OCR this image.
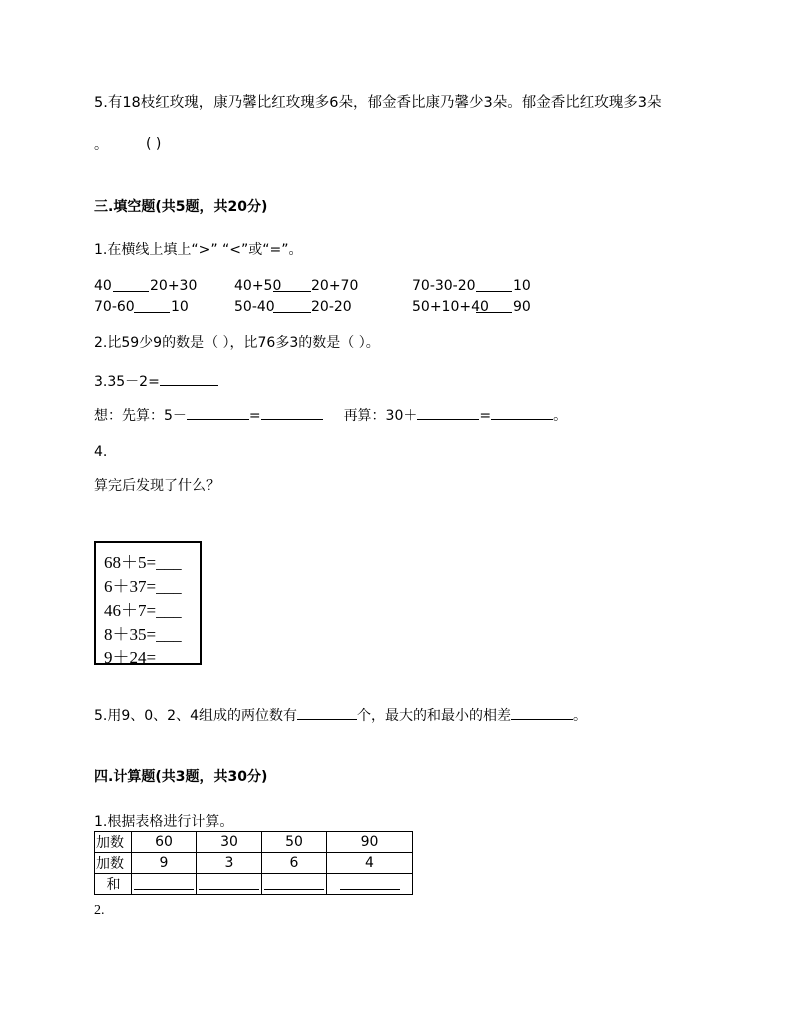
5.有18枝红玫瑰，康乃馨比红玫瑰多6朵，郁金香比康乃馨少3朵。郁金香比红玫瑰多3朵
。	( )
三.填空题(共5题，共20分)
1.在横线上填上“>” “<”或“=”。
40	20+30	40+50 20+70	70-30-20	10
70-60	10	50-40	20-20	50+10+40 90
2.比59少9的数是（ ），比76多3的数是（ ）。
3.35－2=
想：先算：5－	=	再算：30＋	=	。
4.
算完后发现了什么？
68＋5=___
6＋37=___
46＋7=___
8＋35=___
9＋24=___
5.用9、0、2、4组成的两位数有	个，最大的和最小的相差	。
四.计算题(共3题，共30分)
1.根据表格进行计算。
加数	60	30	50	90
加数	9	3	6	4
和				
2.
